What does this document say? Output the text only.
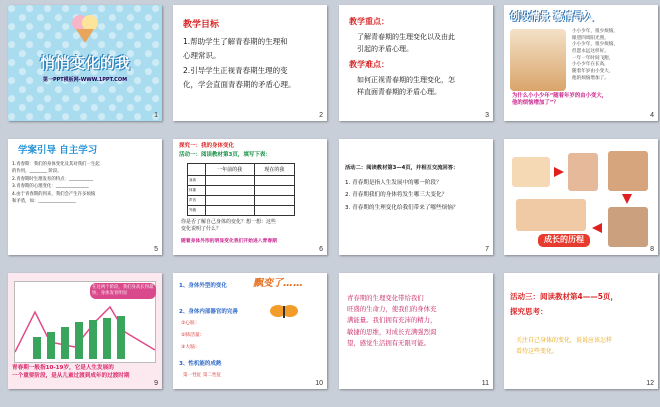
悄悄变化的我
第一PPT模板网-WWW.1PPT.COM
1
教学目标
1.帮助学生了解青春期的生理和
心理常识。
2.引导学生正视青春期生理的变
化，学会直面青春期的矛盾心理。
2
教学重点：
了解青春期的生理变化以及由此
引起的矛盾心理。
教学难点：
如何正视青春期的生理变化，怎
样直面青春期的矛盾心理。
3
创设情景 激情导入
小小少年，很少烦恼，
眼望四周阳光照。
小小少年，很少烦恼，
但愿永远这样好。
一年一年时间飞跑，
小小少年在长高，
随着年岁由小变大，
他的烦恼增加了。
为什么小小少年“随着年岁的由小变大，
他的烦恼增加了”？
4
学案引导 自主学习
1.青春期：我们的身体变化及其对我们一生起
的作用，________ 阶段。
2.青春期时生理发育的特点：___________
3.青春期的心理变化：_______________
4.由于青春期的到来，我们会产生许多烦恼
和矛盾，如：_________________
5
探究一：我的身体变化
活动一：阅读教材第3页，填写下表：
	一年前的我	现在的我
身高		
体重		
声音		
外貌		
你是否了解自己身体的变化？想一想：这些
变化说明了什么？
随着身体外形的明显变化我们开始进入青春期
6
活动二：阅读教材第3—4页，并相互交流回答：
1. 青春期是指人生发展中的哪一阶段？
2. 青春期我们的身体将发生哪三大变化？
3. 青春期的生理变化给我们带来了哪些烦恼？
7
成长的历程
8
在这两个阶段，我们身高长得最快，身体发育明显
青春期一般指10-19岁，它是人生发展的
一个重要阶段，是从儿童过渡到成年的过渡时期
9
1、身体外型的变化	飘变了……
2、身体内部器官的完善
①心脏：
②肺活量：
③大脑：
3、性机能的成熟
第一性征 第二性征
10
青春期的生理变化带给我们
旺盛的生命力，使我们的身体充
满能量。我们拥有充沛的精力，
敏捷的思维，对成长充满强烈渴
望，感觉生活拥有无限可能。
11
活动三：阅读教材第4——5页，
探究思考：
关注自己身体的变化，说说应该怎样
看待这些变化。
12
